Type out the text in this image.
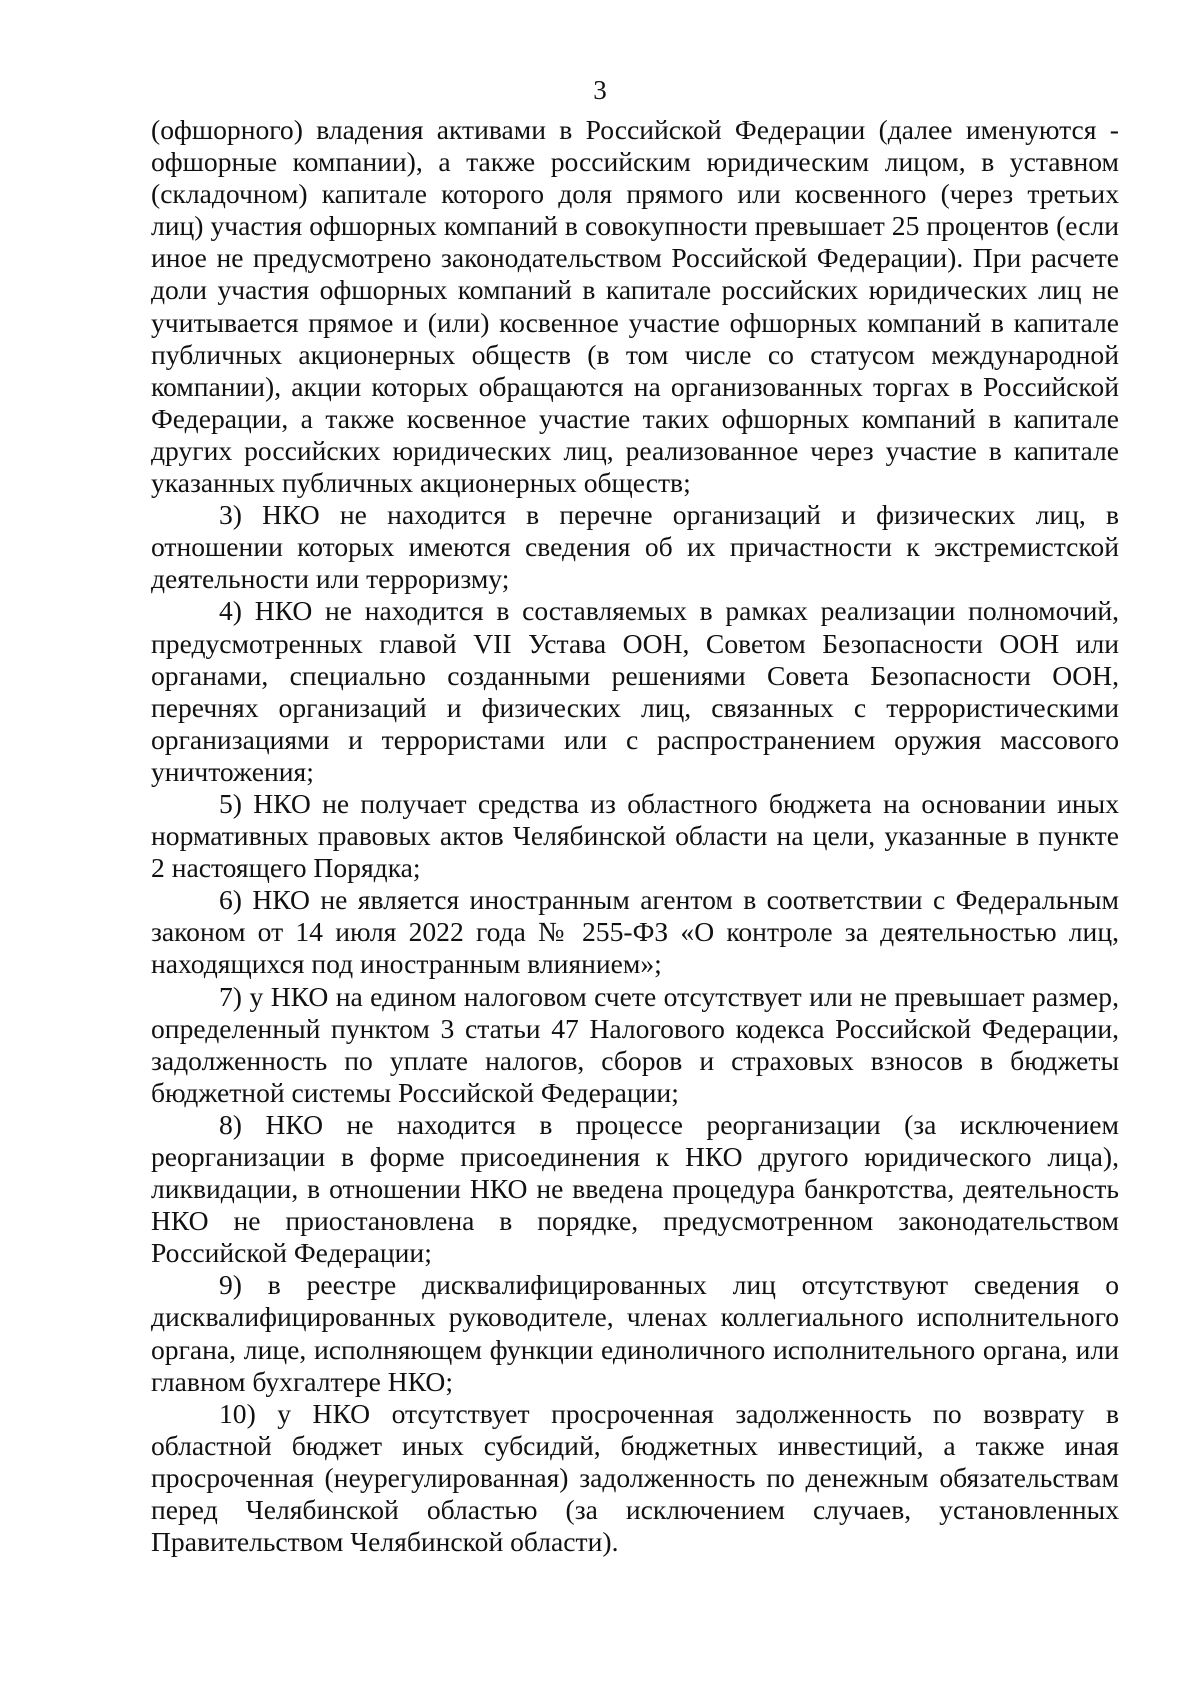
3

(офшорного) владения активами в Российской Федерации (далее именуются - офшорные компании), а также российским юридическим лицом, в уставном (складочном) капитале которого доля прямого или косвенного (через третьих лиц) участия офшорных компаний в совокупности превышает 25 процентов (если иное не предусмотрено законодательством Российской Федерации). При расчете доли участия офшорных компаний в капитале российских юридических лиц не учитывается прямое и (или) косвенное участие офшорных компаний в капитале публичных акционерных обществ (в том числе со статусом международной компании), акции которых обращаются на организованных торгах в Российской Федерации, а также косвенное участие таких офшорных компаний в капитале других российских юридических лиц, реализованное через участие в капитале указанных публичных акционерных обществ;

3) НКО не находится в перечне организаций и физических лиц, в отношении которых имеются сведения об их причастности к экстремистской деятельности или терроризму;

4) НКО не находится в составляемых в рамках реализации полномочий, предусмотренных главой VII Устава ООН, Советом Безопасности ООН или органами, специально созданными решениями Совета Безопасности ООН, перечнях организаций и физических лиц, связанных с террористическими организациями и террористами или с распространением оружия массового уничтожения;

5) НКО не получает средства из областного бюджета на основании иных нормативных правовых актов Челябинской области на цели, указанные в пункте 2 настоящего Порядка;

6) НКО не является иностранным агентом в соответствии с Федеральным законом от 14 июля 2022 года № 255-ФЗ «О контроле за деятельностью лиц, находящихся под иностранным влиянием»;

7) у НКО на едином налоговом счете отсутствует или не превышает размер, определенный пунктом 3 статьи 47 Налогового кодекса Российской Федерации, задолженность по уплате налогов, сборов и страховых взносов в бюджеты бюджетной системы Российской Федерации;

8) НКО не находится в процессе реорганизации (за исключением реорганизации в форме присоединения к НКО другого юридического лица), ликвидации, в отношении НКО не введена процедура банкротства, деятельность НКО не приостановлена в порядке, предусмотренном законодательством Российской Федерации;

9) в реестре дисквалифицированных лиц отсутствуют сведения о дисквалифицированных руководителе, членах коллегиального исполнительного органа, лице, исполняющем функции единоличного исполнительного органа, или главном бухгалтере НКО;

10) у НКО отсутствует просроченная задолженность по возврату в областной бюджет иных субсидий, бюджетных инвестиций, а также иная просроченная (неурегулированная) задолженность по денежным обязательствам перед Челябинской областью (за исключением случаев, установленных Правительством Челябинской области).
